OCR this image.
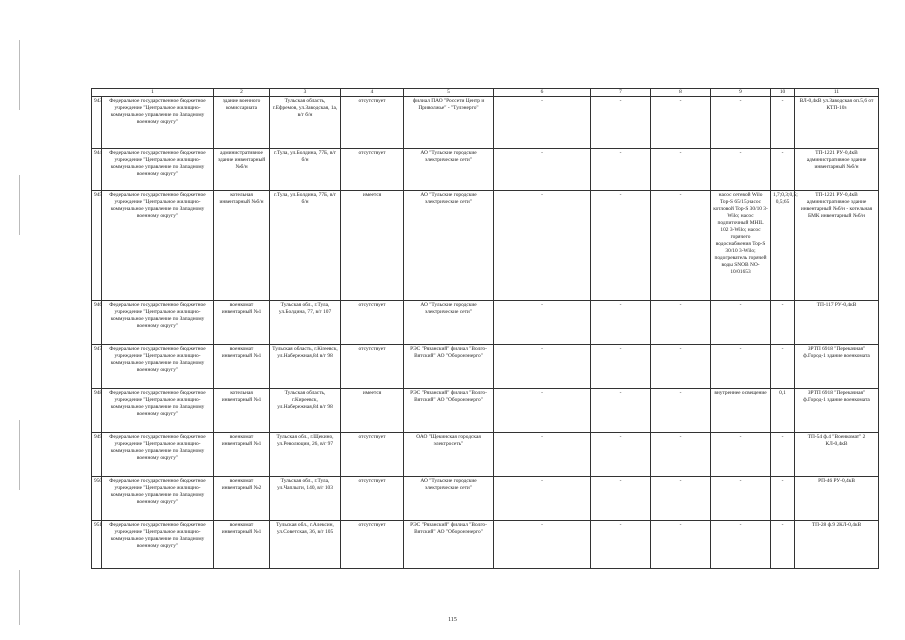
1		2	3	4	5	6	7	8	9	10	11
943	Федеральное государственное бюджетное учреждение "Центральное жилищно-коммунальное управление по Западному военному округу"	здание военного комиссариата	Тульская область, г.Ефремов, ул.Заводская, 1а, в/г б/н	отсутствует	филиал ПАО "Россети Центр и Приволжье" - "Тулэнерго"	-	-	-	-	-	ВЛ-0,4кВ ул.Заводская оп.5,6 от КТП-10з
944	Федеральное государственное бюджетное учреждение "Центральное жилищно-коммунальное управление по Западному военному округу"	административное здание инвентарный №б/н	г.Тула, ул.Болдина, 77Б, в/г б/н	отсутствует	АО "Тульские городские электрические сети"	-	-	-	-	-	ТП-1221 РУ-0,4кВ административное здание инвентарный №б/н
945	Федеральное государственное бюджетное учреждение "Центральное жилищно-коммунальное управление по Западному военному округу"	котельная инвентарный №б/н	г.Тула, ул.Болдина, 77Б, в/г б/н	имеется	АО "Тульские городские электрические сети"	-	-	-	насос сетевой Wilo Top-S 65/15;насос котловой Top-S 30/10 3-Wilo; насос подпиточный MHIL 102 3-Wilo; насос горячего водоснабжения Top-S 30/10 3-Wilo; подогреватель горячей воды SNOB NO-10/01653	1,7;0,3;0,5; 0,5;65	ТП-1221 РУ-0,4кВ административное здание инвентарный №б/н - котельная БМК инвентарный №б/н
946	Федеральное государственное бюджетное учреждение "Центральное жилищно-коммунальное управление по Западному военному округу"	военкомат инвентарный №1	Тульская обл., г.Тула, ул.Болдина, 77, в/г 107	отсутствует	АО "Тульские городские электрические сети"	-	-	-	-	-	ТП-117 РУ-0,4кВ
947	Федеральное государственное бюджетное учреждение "Центральное жилищно-коммунальное управление по Западному военному округу"	военкомат инвентарный №1	Тульская область, г.Кireевск, ул.Набережная,84 в/г 98	отсутствует	РЭС "Рязанский" филиал "Волго-Вятский" АО "Оборонэнерго"	-	-	-	-	-	ЗРТП 6918 "Перекачная" ф.Город-1 здание военкомата
948	Федеральное государственное бюджетное учреждение "Центральное жилищно-коммунальное управление по Западному военному округу"	котельная инвентарный №1	Тульская область, г.Киреевск, ул.Набережная,84 в/г 98	имеется	РЭС "Рязанский" филиал "Волго-Вятский" АО "Оборонэнерго"	-	-	-	внутреннее освещение	0,1	ЗРТП 6918 "Перекачная" ф.Город-1 здание военкомата
949	Федеральное государственное бюджетное учреждение "Центральное жилищно-коммунальное управление по Западному военному округу"	военкомат инвентарный №1	Тульская обл., г.Щекино, ул.Революции, 26, в/г 97	отсутствует	ОАО "Щекинская городская электросеть"	-	-	-	-	-	ТП-54 ф.4 "Военкомат" 2 КЛ-0,4кВ
950	Федеральное государственное бюджетное учреждение "Центральное жилищно-коммунальное управление по Западному военному округу"	военкомат инвентарный №2	Тульская обл., г.Тула, ул.Чаплыги, 140, в/г 103	отсутствует	АО "Тульские городские электрические сети"	-	-	-	-	-	РП-46 РУ-0,4кВ
951	Федеральное государственное бюджетное учреждение "Центральное жилищно-коммунальное управление по Западному военному округу"	военкомат инвентарный №1	Тульская обл., г.Алексин, ул.Советская, 36, в/г 105	отсутствует	РЭС "Рязанский" филиал "Волго-Вятский" АО "Оборонэнерго"	-	-	-	-	-	ТП-28 ф.9 2КЛ-0,4кВ
115
